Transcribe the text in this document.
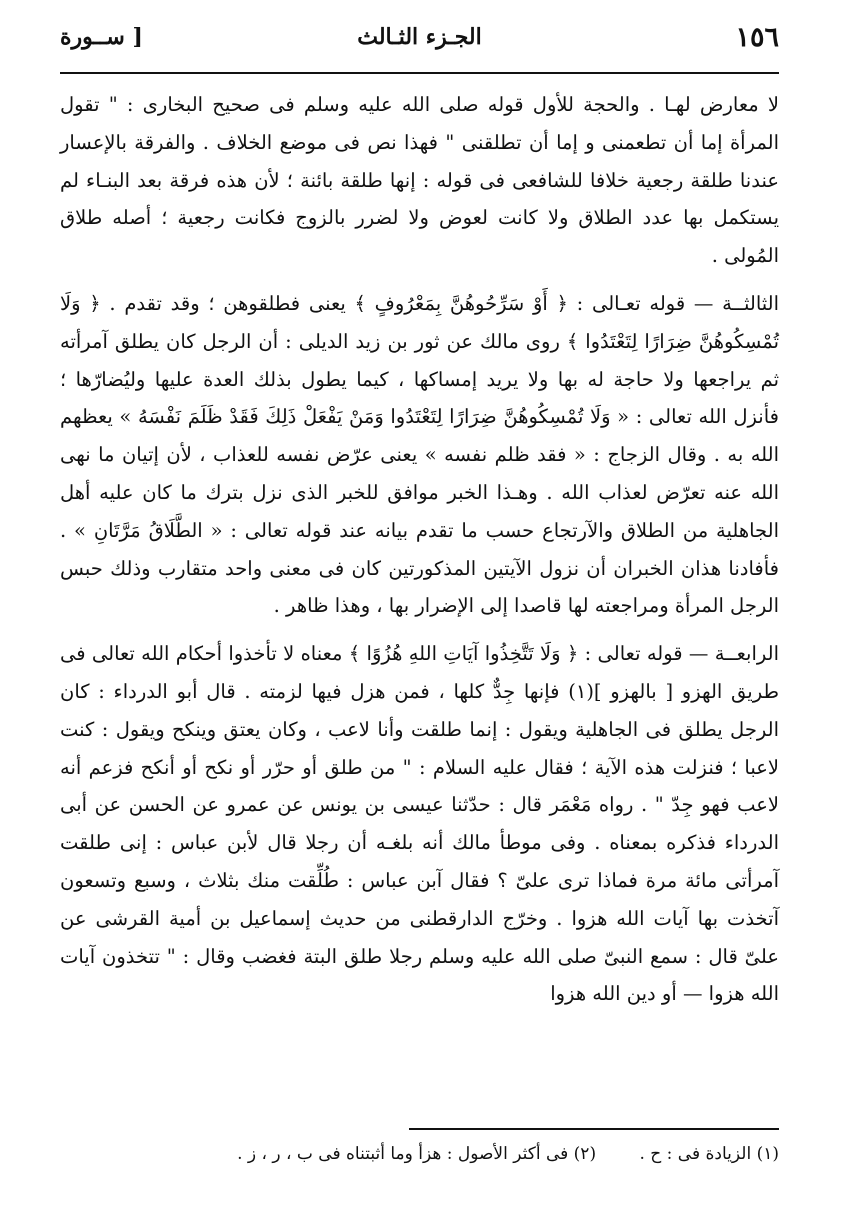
١٥٦
الجـزء الثـالث
[ ســورة

لا معارض لهـا . والحجة للأول قوله صلى الله عليه وسلم فى صحيح البخارى : " تقول المرأة إما أن تطعمنى و إما أن تطلقنى " فهذا نص فى موضع الخلاف . والفرقة بالإعسار عندنا طلقة رجعية خلافا للشافعى فى قوله : إنها طلقة بائنة ؛ لأن هذه فرقة بعد البنـاء لم يستكمل بها عدد الطلاق ولا كانت لعوض ولا لضرر بالزوج فكانت رجعية ؛ أصله طلاق المُولى .

الثالثــة — قوله تعـالى : ﴿ أَوْ سَرِّحُوهُنَّ بِمَعْرُوفٍ ﴾ يعنى فطلقوهن ؛ وقد تقدم . ﴿ وَلَا تُمْسِكُوهُنَّ ضِرَارًا لِتَعْتَدُوا ﴾ روى مالك عن ثور بن زيد الديلى : أن الرجل كان يطلق آمرأته ثم يراجعها ولا حاجة له بها ولا يريد إمساكها ، كيما يطول بذلك العدة عليها وليُضارّها ؛ فأنزل الله تعالى : « وَلَا تُمْسِكُوهُنَّ ضِرَارًا لِتَعْتَدُوا وَمَنْ يَفْعَلْ ذَلِكَ فَقَدْ ظَلَمَ نَفْسَهُ » يعظهم الله به . وقال الزجاج : « فقد ظلم نفسه » يعنى عرّض نفسه للعذاب ، لأن إتيان ما نهى الله عنه تعرّض لعذاب الله . وهـذا الخبر موافق للخبر الذى نزل بترك ما كان عليه أهل الجاهلية من الطلاق والآرتجاع حسب ما تقدم بيانه عند قوله تعالى : « الطَّلَاقُ مَرَّتَانِ » . فأفادنا هذان الخبران أن نزول الآيتين المذكورتين كان فى معنى واحد متقارب وذلك حبس الرجل المرأة ومراجعته لها قاصدا إلى الإضرار بها ، وهذا ظاهر .

الرابعــة — قوله تعالى : ﴿ وَلَا تَتَّخِذُوا آيَاتِ اللهِ هُزُوًا ﴾ معناه لا تأخذوا أحكام الله تعالى فى طريق الهزو [ بالهزو ](١) فإنها جِدٌّ كلها ، فمن هزل فيها لزمته . قال أبو الدرداء : كان الرجل يطلق فى الجاهلية ويقول : إنما طلقت وأنا لاعب ، وكان يعتق وينكح ويقول : كنت لاعبا ؛ فنزلت هذه الآية ؛ فقال عليه السلام : " من طلق أو حرّر أو نكح أو أنكح فزعم أنه لاعب فهو جِدّ " . رواه مَعْمَر قال : حدّثنا عيسى بن يونس عن عمرو عن الحسن عن أبى الدرداء فذكره بمعناه . وفى موطأ مالك أنه بلغـه أن رجلا قال لأبن عباس : إنى طلقت آمرأتى مائة مرة فماذا ترى علىّ ؟ فقال آبن عباس : طُلِّقت منك بثلاث ، وسبع وتسعون آتخذت بها آيات الله هزوا . وخرّج الدارقطنى من حديث إسماعيل بن أمية القرشى عن علىّ قال : سمع النبىّ صلى الله عليه وسلم رجلا طلق البتة فغضب وقال : " تتخذون آيات الله هزوا — أو دين الله هزوا

(١) الزيادة فى : ح . (٢) فى أكثر الأصول : هزأ وما أثبتناه فى ب ، ر ، ز .
